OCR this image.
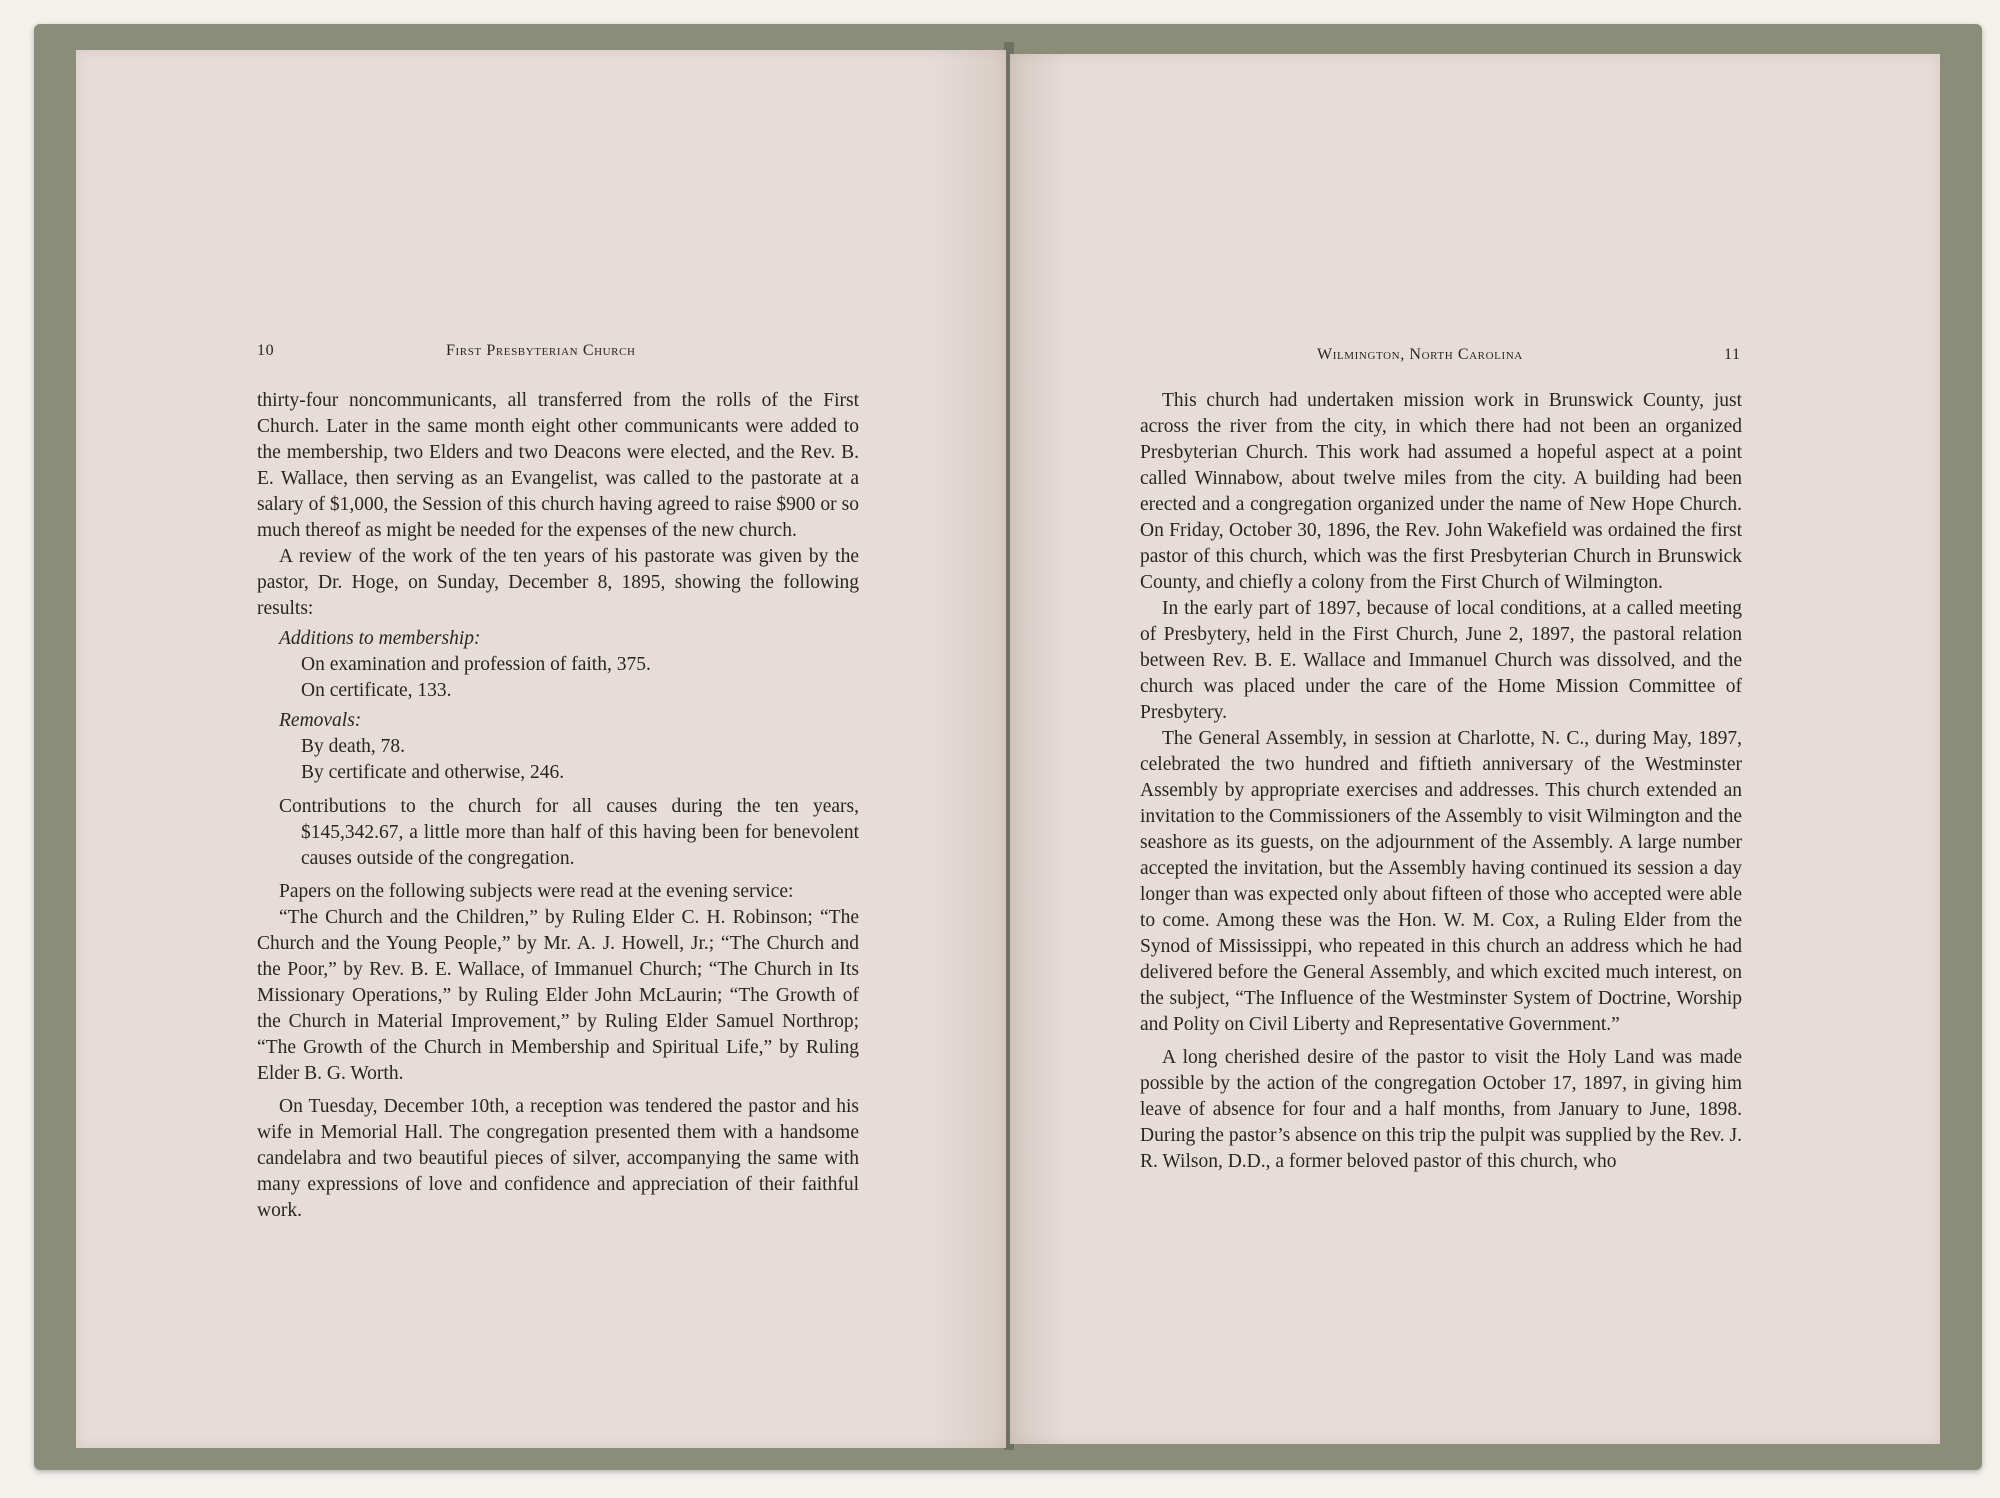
10	First Presbyterian Church

thirty-four noncommunicants, all transferred from the rolls of the First Church. Later in the same month eight other communicants were added to the membership, two Elders and two Deacons were elected, and the Rev. B. E. Wallace, then serving as an Evangelist, was called to the pastorate at a salary of $1,000, the Session of this church having agreed to raise $900 or so much thereof as might be needed for the expenses of the new church.

A review of the work of the ten years of his pastorate was given by the pastor, Dr. Hoge, on Sunday, December 8, 1895, showing the following results:

Additions to membership:

On examination and profession of faith, 375.

On certificate, 133.

Removals:

By death, 78.

By certificate and otherwise, 246.

Contributions to the church for all causes during the ten years, $145,342.67, a little more than half of this having been for benevolent causes outside of the congregation.

Papers on the following subjects were read at the evening service:

“The Church and the Children,” by Ruling Elder C. H. Robinson; “The Church and the Young People,” by Mr. A. J. Howell, Jr.; “The Church and the Poor,” by Rev. B. E. Wallace, of Immanuel Church; “The Church in Its Missionary Operations,” by Ruling Elder John McLaurin; “The Growth of the Church in Material Improvement,” by Ruling Elder Samuel Northrop; “The Growth of the Church in Membership and Spiritual Life,” by Ruling Elder B. G. Worth.

On Tuesday, December 10th, a reception was tendered the pastor and his wife in Memorial Hall. The congregation presented them with a handsome candelabra and two beautiful pieces of silver, accompanying the same with many expressions of love and confidence and appreciation of their faithful work.

Wilmington, North Carolina	11

This church had undertaken mission work in Brunswick County, just across the river from the city, in which there had not been an organized Presbyterian Church. This work had assumed a hopeful aspect at a point called Winnabow, about twelve miles from the city. A building had been erected and a congregation organized under the name of New Hope Church. On Friday, October 30, 1896, the Rev. John Wakefield was ordained the first pastor of this church, which was the first Presbyterian Church in Brunswick County, and chiefly a colony from the First Church of Wilmington.

In the early part of 1897, because of local conditions, at a called meeting of Presbytery, held in the First Church, June 2, 1897, the pastoral relation between Rev. B. E. Wallace and Immanuel Church was dissolved, and the church was placed under the care of the Home Mission Committee of Presbytery.

The General Assembly, in session at Charlotte, N. C., during May, 1897, celebrated the two hundred and fiftieth anniversary of the Westminster Assembly by appropriate exercises and addresses. This church extended an invitation to the Commissioners of the Assembly to visit Wilmington and the seashore as its guests, on the adjournment of the Assembly. A large number accepted the invitation, but the Assembly having continued its session a day longer than was expected only about fifteen of those who accepted were able to come. Among these was the Hon. W. M. Cox, a Ruling Elder from the Synod of Mississippi, who repeated in this church an address which he had delivered before the General Assembly, and which excited much interest, on the subject, “The Influence of the Westminster System of Doctrine, Worship and Polity on Civil Liberty and Representative Government.”

A long cherished desire of the pastor to visit the Holy Land was made possible by the action of the congregation October 17, 1897, in giving him leave of absence for four and a half months, from January to June, 1898. During the pastor’s absence on this trip the pulpit was supplied by the Rev. J. R. Wilson, D.D., a former beloved pastor of this church, who
